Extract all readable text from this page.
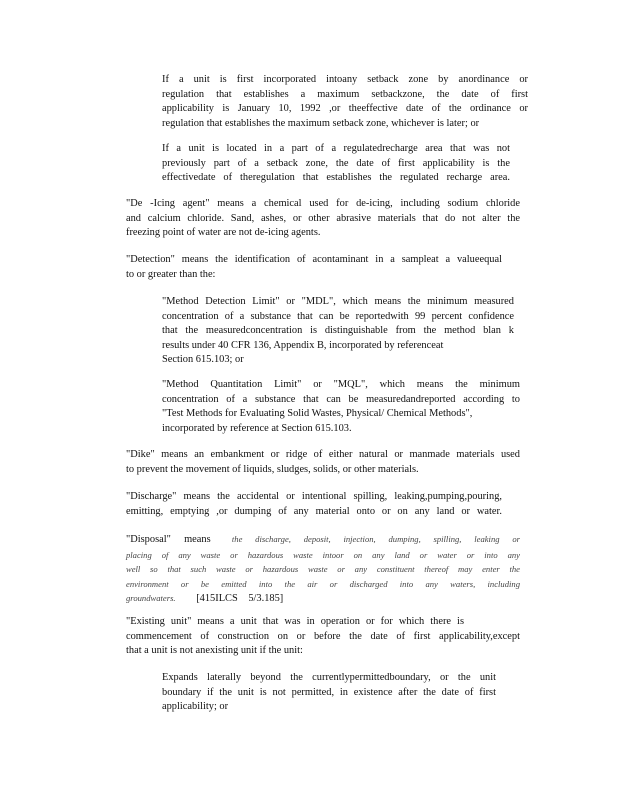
If a unit is first incorporated intoany setback zone by anordinance or
regulation that establishes a maximum setbackzone, the date of first
applicability is January 10, 1992 ,or theeffective date of the ordinance or
regulation that establishes the maximum setback zone, whichever is later; or
If a unit is located in a part of a regulatedrecharge area that was not
previously part of a setback zone, the date of first applicability is the
effectivedate of theregulation that establishes the regulated recharge area.
"De -Icing agent" means a chemical used for de-icing, including sodium chloride
and calcium chloride. Sand, ashes, or other abrasive materials that do not alter the
freezing point of water are not de-icing agents.
"Detection" means the identification of acontaminant in a sampleat a valueequal
to or greater than the:
"Method Detection Limit" or "MDL", which means the minimum measured
concentration of a substance that can be reportedwith 99 percent confidence
that the measuredconcentration is distinguishable from the method blan k
results under 40 CFR 136, Appendix B, incorporated by referenceat
Section 615.103; or
"Method Quantitation Limit" or "MQL", which means the minimum
concentration of a substance that can be measuredandreported according to
"Test Methods for Evaluating Solid Wastes, Physical/ Chemical Methods",
incorporated by reference at Section 615.103.
"Dike" means an embankment or ridge of either natural or manmade materials used
to prevent the movement of liquids, sludges, solids, or other materials.
"Discharge" means the accidental or intentional spilling, leaking,pumping,pouring,
emitting, emptying ,or dumping of any material onto or on any land or water.
"Disposal" means the discharge, deposit, injection, dumping, spilling, leaking or
placing of any waste or hazardous waste intoor on any land or water or into any
well so that such waste or hazardous waste or any constituent thereof may enter the
environment or be emitted into the air or discharged into any waters, including
groundwaters. [415ILCS 5/3.185]
"Existing unit" means a unit that was in operation or for which there is
commencement of construction on or before the date of first applicability,except
that a unit is not anexisting unit if the unit:
Expands laterally beyond the currentlypermittedboundary, or the unit
boundary if the unit is not permitted, in existence after the date of first
applicability; or
